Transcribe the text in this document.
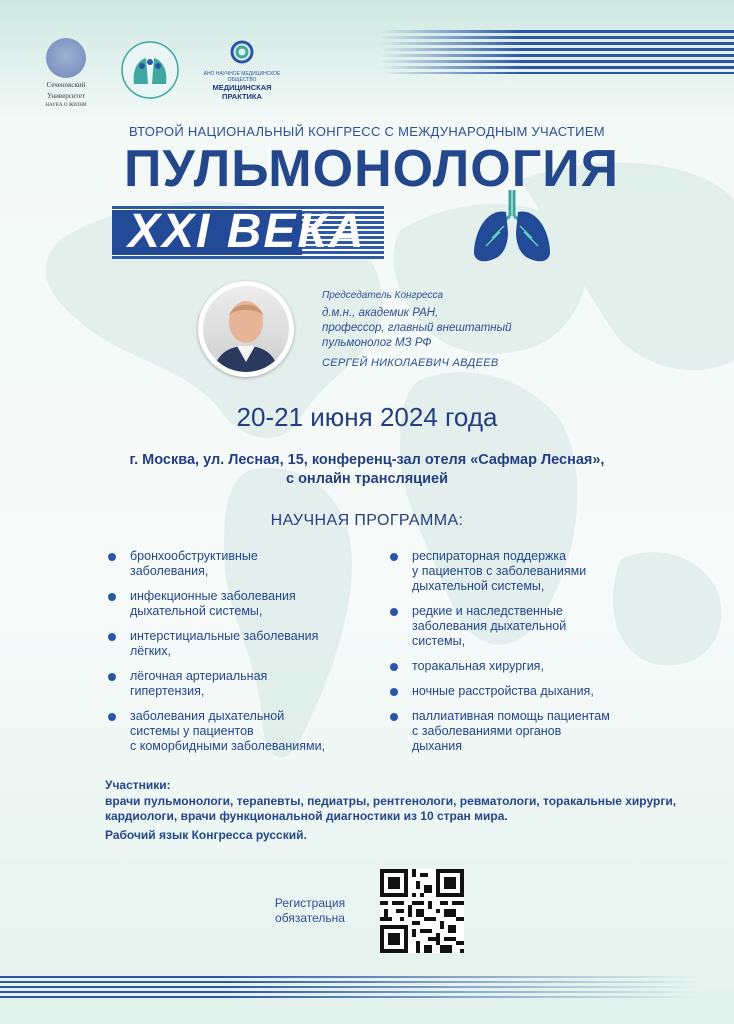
Сеченовский
Университет
НАУКА О ЖИЗНИ
АНО НАУЧНОЕ МЕДИЦИНСКОЕ ОБЩЕСТВО
МЕДИЦИНСКАЯ ПРАКТИКА
ВТОРОЙ НАЦИОНАЛЬНЫЙ КОНГРЕСС С МЕЖДУНАРОДНЫМ УЧАСТИЕМ
ПУЛЬМОНОЛОГИЯ
XXI ВЕКА
Председатель Конгресса
д.м.н., академик РАН,
профессор, главный внештатный
пульмонолог МЗ РФ
СЕРГЕЙ НИКОЛАЕВИЧ АВДЕЕВ
20-21 июня 2024 года
г. Москва, ул. Лесная, 15, конференц-зал отеля «Сафмар Лесная»,
с онлайн трансляцией
НАУЧНАЯ ПРОГРАММА:
бронхообструктивные
заболевания,
инфекционные заболевания
дыхательной системы,
интерстициальные заболевания
лёгких,
лёгочная артериальная
гипертензия,
заболевания дыхательной
системы у пациентов
с коморбидными заболеваниями,
респираторная поддержка
у пациентов с заболеваниями
дыхательной системы,
редкие и наследственные
заболевания дыхательной
системы,
торакальная хирургия,
ночные расстройства дыхания,
паллиативная помощь пациентам
с заболеваниями органов
дыхания

Участники:

врачи пульмонологи, терапевты, педиатры, рентгенологи, ревматологи, торакальные хирурги, кардиологи, врачи функциональной диагностики из 10 стран мира.

Рабочий язык Конгресса русский.

Регистрация
обязательна
